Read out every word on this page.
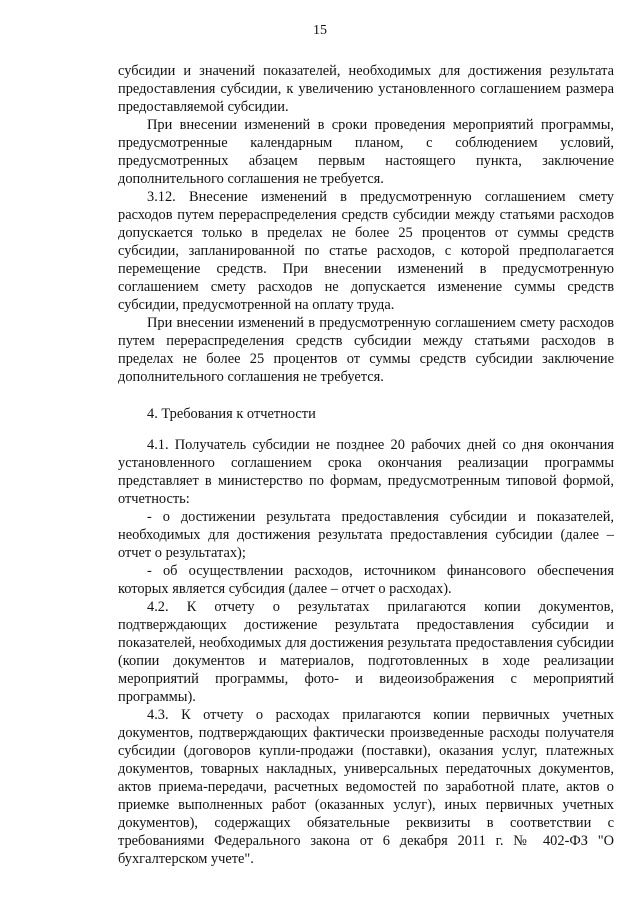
15

субсидии и значений показателей, необходимых для достижения результата предоставления субсидии, к увеличению установленного соглашением размера предоставляемой субсидии.

При внесении изменений в сроки проведения мероприятий программы, предусмотренные календарным планом, с соблюдением условий, предусмотренных абзацем первым настоящего пункта, заключение дополнительного соглашения не требуется.

3.12. Внесение изменений в предусмотренную соглашением смету расходов путем перераспределения средств субсидии между статьями расходов допускается только в пределах не более 25 процентов от суммы средств субсидии, запланированной по статье расходов, с которой предполагается перемещение средств. При внесении изменений в предусмотренную соглашением смету расходов не допускается изменение суммы средств субсидии, предусмотренной на оплату труда.

При внесении изменений в предусмотренную соглашением смету расходов путем перераспределения средств субсидии между статьями расходов в пределах не более 25 процентов от суммы средств субсидии заключение дополнительного соглашения не требуется.

4. Требования к отчетности

4.1. Получатель субсидии не позднее 20 рабочих дней со дня окончания установленного соглашением срока окончания реализации программы представляет в министерство по формам, предусмотренным типовой формой, отчетность:

- о достижении результата предоставления субсидии и показателей, необходимых для достижения результата предоставления субсидии (далее – отчет о результатах);

- об осуществлении расходов, источником финансового обеспечения которых является субсидия (далее – отчет о расходах).

4.2. К отчету о результатах прилагаются копии документов, подтверждающих достижение результата предоставления субсидии и показателей, необходимых для достижения результата предоставления субсидии (копии документов и материалов, подготовленных в ходе реализации мероприятий программы, фото- и видеоизображения с мероприятий программы).

4.3. К отчету о расходах прилагаются копии первичных учетных документов, подтверждающих фактически произведенные расходы получателя субсидии (договоров купли-продажи (поставки), оказания услуг, платежных документов, товарных накладных, универсальных передаточных документов, актов приема-передачи, расчетных ведомостей по заработной плате, актов о приемке выполненных работ (оказанных услуг), иных первичных учетных документов), содержащих обязательные реквизиты в соответствии с требованиями Федерального закона от 6 декабря 2011 г. № 402-ФЗ "О бухгалтерском учете".
